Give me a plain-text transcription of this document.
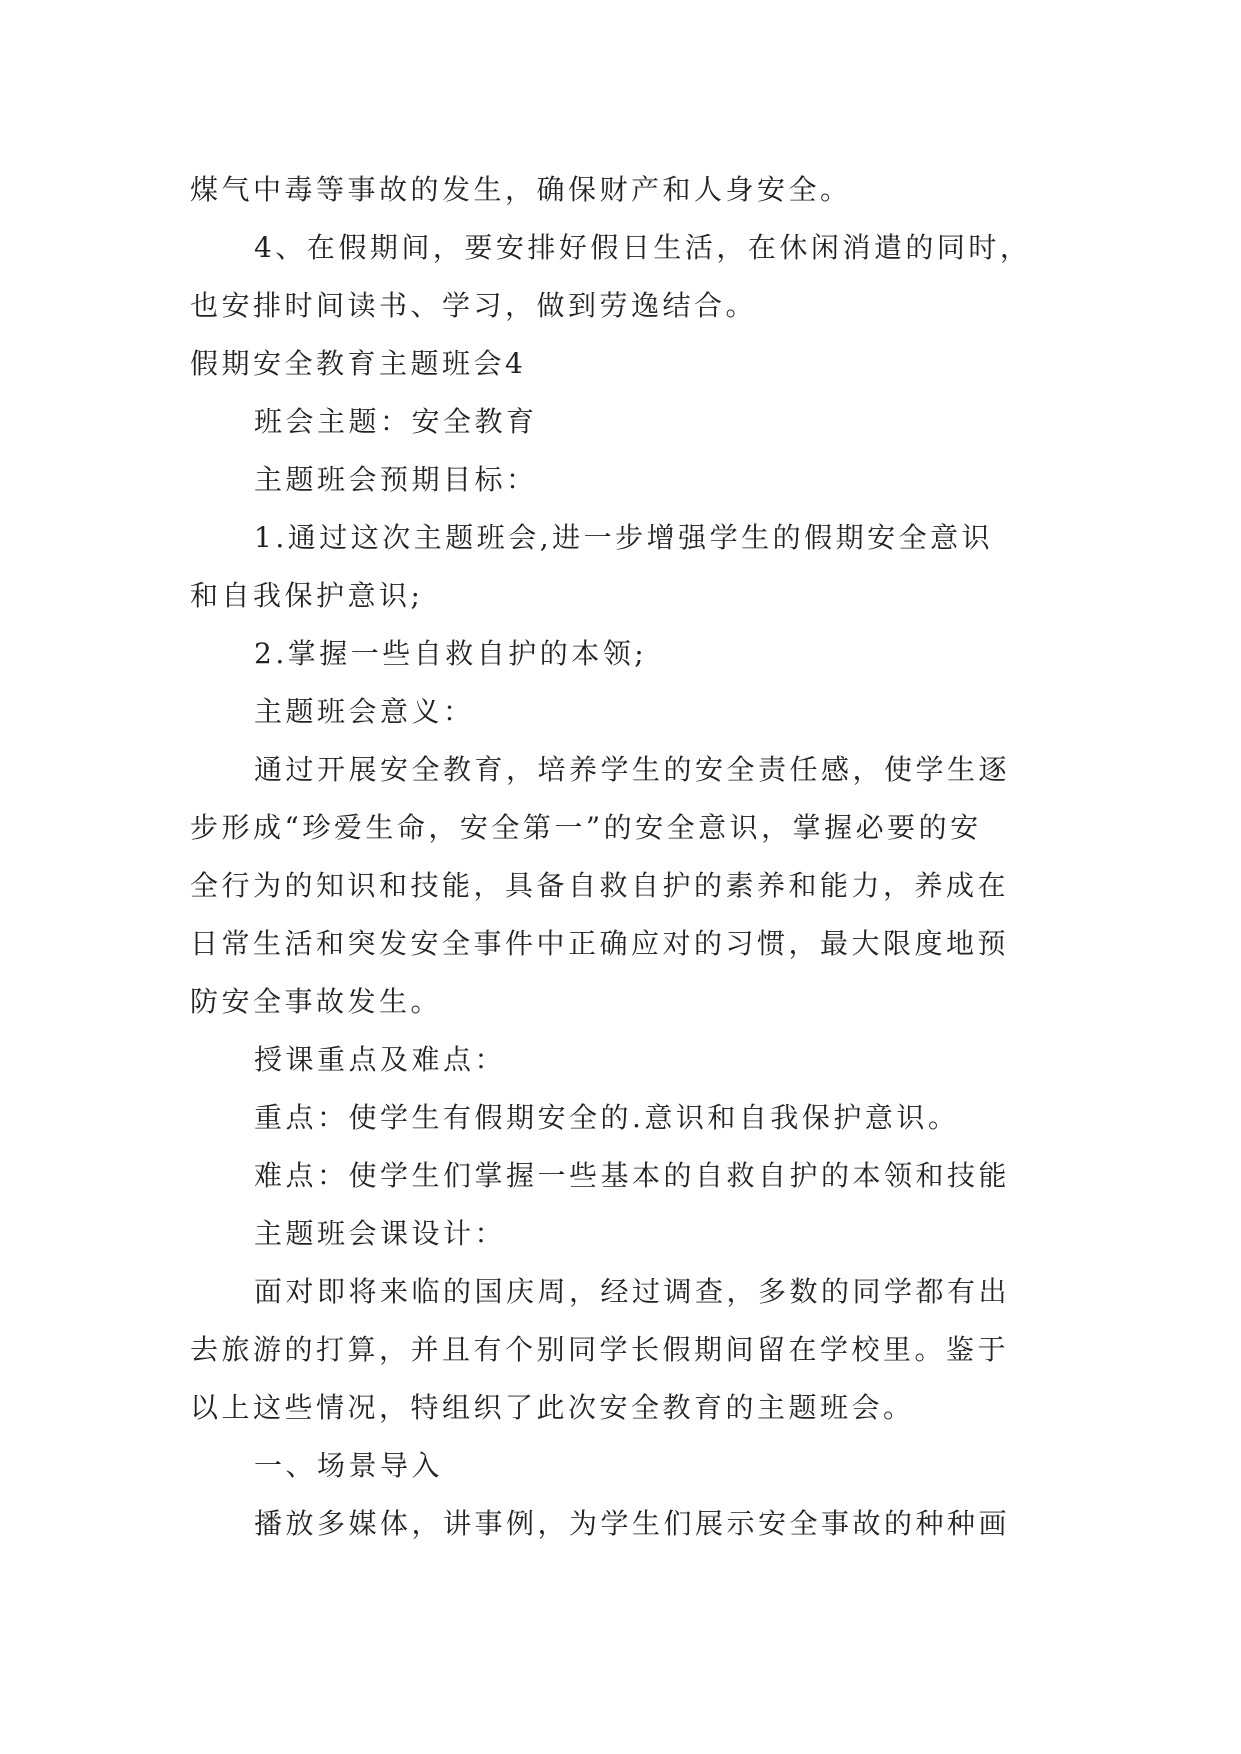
煤气中毒等事故的发生，确保财产和人身安全。
4、在假期间，要安排好假日生活，在休闲消遣的同时，
也安排时间读书、学习，做到劳逸结合。
假期安全教育主题班会4
班会主题：安全教育
主题班会预期目标：
1.通过这次主题班会,进一步增强学生的假期安全意识
和自我保护意识;
2.掌握一些自救自护的本领;
主题班会意义：
通过开展安全教育，培养学生的安全责任感，使学生逐
步形成“珍爱生命，安全第一”的安全意识，掌握必要的安
全行为的知识和技能，具备自救自护的素养和能力，养成在
日常生活和突发安全事件中正确应对的习惯，最大限度地预
防安全事故发生。
授课重点及难点：
重点：使学生有假期安全的.意识和自我保护意识。
难点：使学生们掌握一些基本的自救自护的本领和技能
主题班会课设计：
面对即将来临的国庆周，经过调查，多数的同学都有出
去旅游的打算，并且有个别同学长假期间留在学校里。鉴于
以上这些情况，特组织了此次安全教育的主题班会。
一、场景导入
播放多媒体，讲事例，为学生们展示安全事故的种种画
